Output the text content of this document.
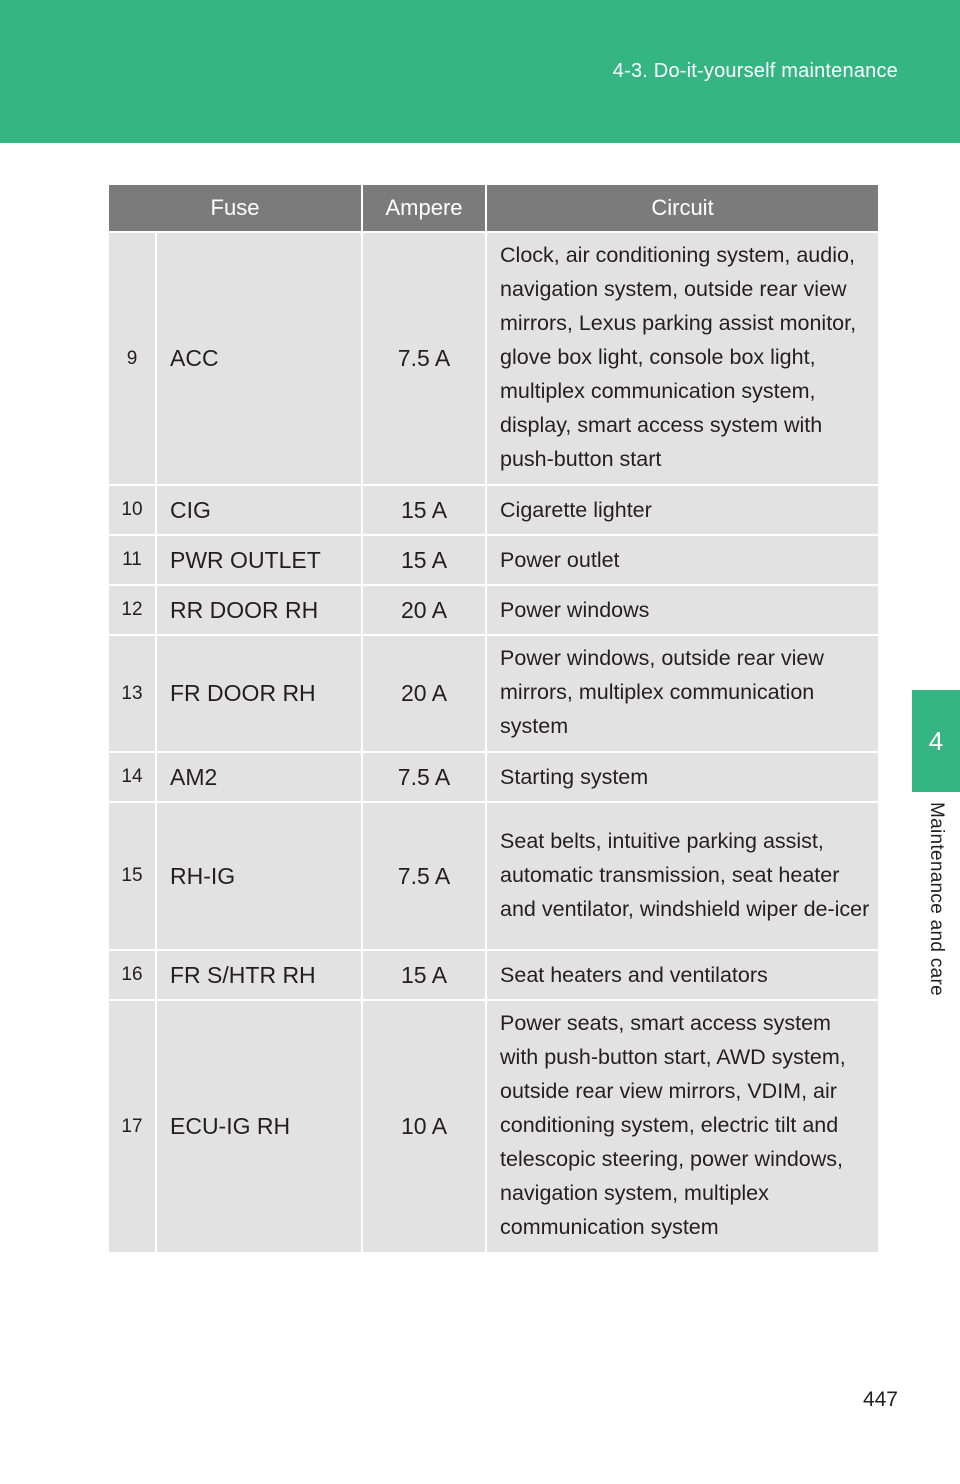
4-3. Do-it-yourself maintenance
4
Maintenance and care
Fuse		Ampere	Circuit
9	ACC	7.5 A	Clock, air conditioning system, audio, navigation system, outside rear view mirrors, Lexus parking assist monitor, glove box light, console box light, multiplex communication system, display, smart access system with push-button start
10	CIG	15 A	Cigarette lighter
11	PWR OUTLET	15 A	Power outlet
12	RR DOOR RH	20 A	Power windows
13	FR DOOR RH	20 A	Power windows, outside rear view mirrors, multiplex communication system
14	AM2	7.5 A	Starting system
15	RH-IG	7.5 A	Seat belts, intuitive parking assist, automatic transmission, seat heater and ventilator, windshield wiper de-icer
16	FR S/HTR RH	15 A	Seat heaters and ventilators
17	ECU-IG RH	10 A	Power seats, smart access system with push-button start, AWD system, outside rear view mirrors, VDIM, air conditioning system, electric tilt and telescopic steering, power windows, navigation system, multiplex communication system
447
